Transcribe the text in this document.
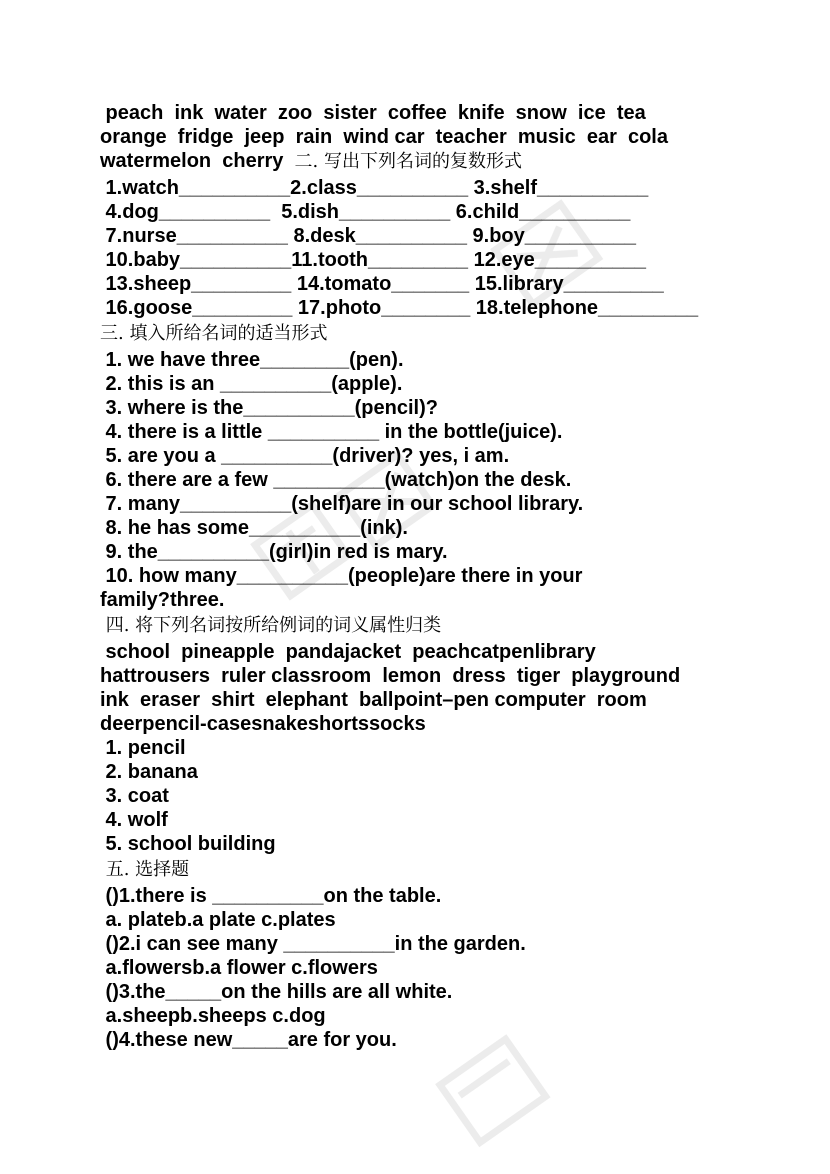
peach  ink  water  zoo  sister  coffee  knife  snow  ice  tea
orange  fridge  jeep  rain  wind car  teacher  music  ear  cola
watermelon  cherry  二. 写出下列名词的复数形式
1.watch__________2.class__________ 3.shelf__________
4.dog__________  5.dish__________ 6.child__________
7.nurse__________ 8.desk__________ 9.boy__________
10.baby__________11.tooth_________ 12.eye__________
13.sheep_________ 14.tomato_______ 15.library_________
16.goose_________ 17.photo________ 18.telephone_________
三. 填入所给名词的适当形式
1. we have three________(pen).
2. this is an __________(apple).
3. where is the__________(pencil)?
4. there is a little __________ in the bottle(juice).
5. are you a __________(driver)? yes, i am.
6. there are a few __________(watch)on the desk.
7. many__________(shelf)are in our school library.
8. he has some__________(ink).
9. the__________(girl)in red is mary.
10. how many__________(people)are there in your
family?three.
四. 将下列名词按所给例词的词义属性归类
school  pineapple  pandajacket  peachcatpenlibrary
hattrousers  ruler classroom  lemon  dress  tiger  playground
ink  eraser  shirt  elephant  ballpoint–pen computer  room
deerpencil-casesnakeshortssocks
1. pencil
2. banana
3. coat
4. wolf
5. school building
五. 选择题
()1.there is __________on the table.
a. plateb.a plate c.plates
()2.i can see many __________in the garden.
a.flowersb.a flower c.flowers
()3.the_____on the hills are all white.
a.sheepb.sheeps c.dog
()4.these new_____are for you.
